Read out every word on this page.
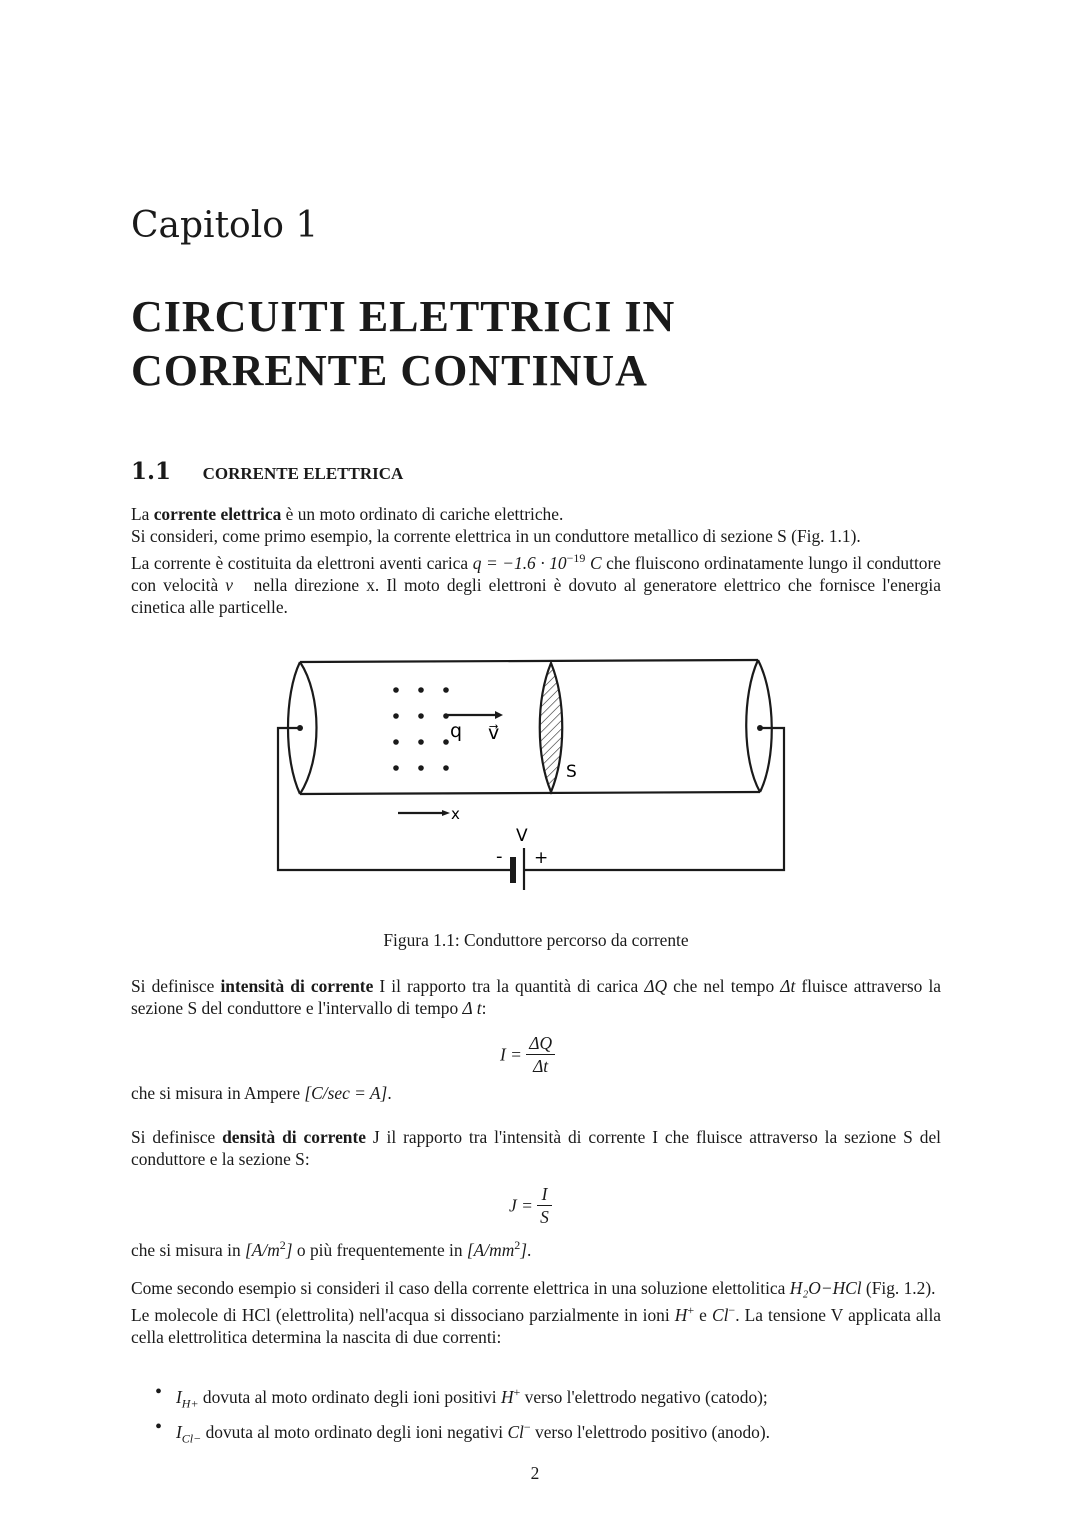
Capitolo 1
CIRCUITI ELETTRICI IN
CORRENTE CONTINUA
1.1 CORRENTE ELETTRICA
La corrente elettrica è un moto ordinato di cariche elettriche.
Si consideri, come primo esempio, la corrente elettrica in un conduttore metallico di sezione S (Fig. 1.1).
La corrente è costituita da elettroni aventi carica $q = -1.6 \cdot 10^{-19}$ C che fluiscono ordinatamente lungo il conduttore con velocità v⃗ nella direzione x. Il moto degli elettroni è dovuto al generatore elettrico che fornisce l'energia cinetica alle particelle.
q v⃗
S
x
V
- +
Figura 1.1: Conduttore percorso da corrente
Si definisce intensità di corrente I il rapporto tra la quantità di carica ΔQ che nel tempo Δt fluisce attraverso la sezione S del conduttore e l'intervallo di tempo Δ t:
$I = \frac{\Delta Q}{\Delta t}$
che si misura in Ampere [C/sec = A].
Si definisce densità di corrente J il rapporto tra l'intensità di corrente I che fluisce attraverso la sezione S del conduttore e la sezione S:
$J = \frac{I}{S}$
che si misura in $[A/m^2]$ o più frequentemente in $[A/mm^2]$.
Come secondo esempio si consideri il caso della corrente elettrica in una soluzione elettolitica H₂O−HCl (Fig. 1.2).
Le molecole di HCl (elettrolita) nell'acqua si dissociano parzialmente in ioni H+ e Cl−. La tensione V applicata alla cella elettrolitica determina la nascita di due correnti:
• $I_{H+}$ dovuta al moto ordinato degli ioni positivi H+ verso l'elettrodo negativo (catodo);
• $I_{Cl-}$ dovuta al moto ordinato degli ioni negativi Cl− verso l'elettrodo positivo (anodo).
2
